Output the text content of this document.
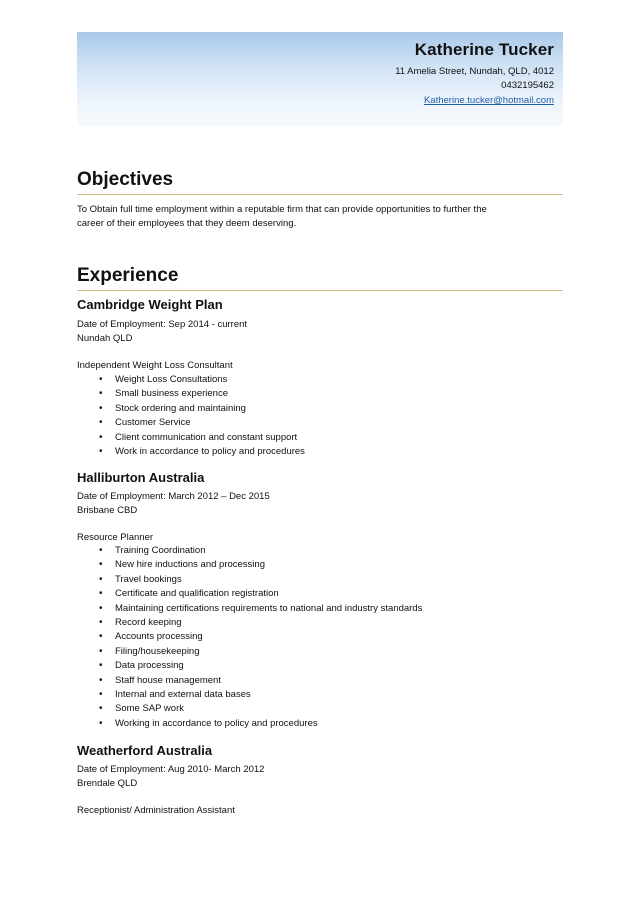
Katherine Tucker
11 Amelia Street, Nundah, QLD, 4012
0432195462
Katherine.tucker@hotmail.com
Objectives
To Obtain full time employment within a reputable firm that can provide opportunities to further the
career of their employees that they deem deserving.
Experience
Cambridge Weight Plan
Date of Employment: Sep 2014 - current
Nundah QLD
Independent Weight Loss Consultant
• Weight Loss Consultations
• Small business experience
• Stock ordering and maintaining
• Customer Service
• Client communication and constant support
• Work in accordance to policy and procedures
Halliburton Australia
Date of Employment: March 2012 – Dec 2015
Brisbane CBD
Resource Planner
• Training Coordination
• New hire inductions and processing
• Travel bookings
• Certificate and qualification registration
• Maintaining certifications requirements to national and industry standards
• Record keeping
• Accounts processing
• Filing/housekeeping
• Data processing
• Staff house management
• Internal and external data bases
• Some SAP work
• Working in accordance to policy and procedures
Weatherford Australia
Date of Employment: Aug 2010- March 2012
Brendale QLD
Receptionist/ Administration Assistant
